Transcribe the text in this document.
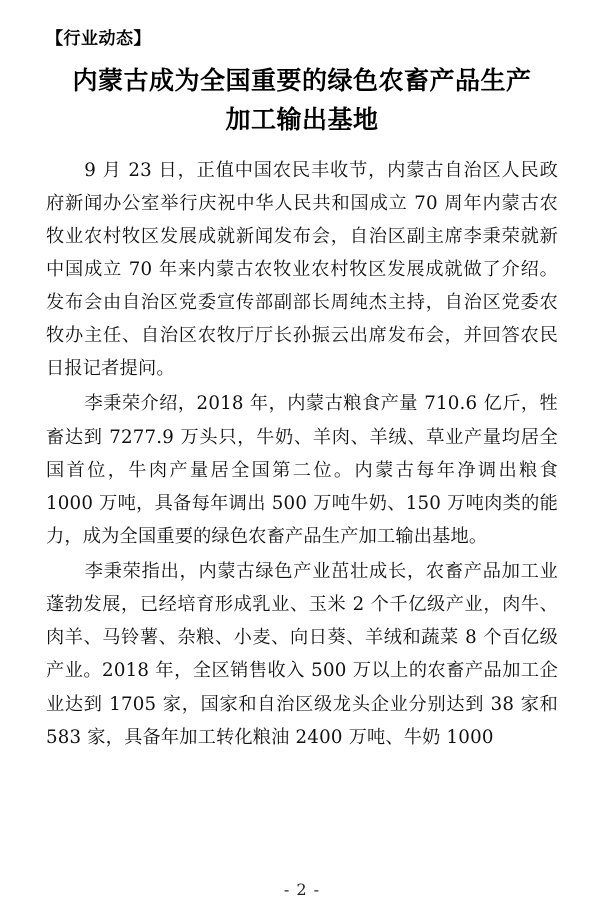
【行业动态】
内蒙古成为全国重要的绿色农畜产品生产
加工输出基地

9 月 23 日，正值中国农民丰收节，内蒙古自治区人民政府新闻办公室举行庆祝中华人民共和国成立 70 周年内蒙古农牧业农村牧区发展成就新闻发布会，自治区副主席李秉荣就新中国成立 70 年来内蒙古农牧业农村牧区发展成就做了介绍。发布会由自治区党委宣传部副部长周纯杰主持，自治区党委农牧办主任、自治区农牧厅厅长孙振云出席发布会，并回答农民日报记者提问。

李秉荣介绍，2018 年，内蒙古粮食产量 710.6 亿斤，牲畜达到 7277.9 万头只，牛奶、羊肉、羊绒、草业产量均居全国首位，牛肉产量居全国第二位。内蒙古每年净调出粮食 1000 万吨，具备每年调出 500 万吨牛奶、150 万吨肉类的能力，成为全国重要的绿色农畜产品生产加工输出基地。

李秉荣指出，内蒙古绿色产业茁壮成长，农畜产品加工业蓬勃发展，已经培育形成乳业、玉米 2 个千亿级产业，肉牛、肉羊、马铃薯、杂粮、小麦、向日葵、羊绒和蔬菜 8 个百亿级产业。2018 年，全区销售收入 500 万以上的农畜产品加工企业达到 1705 家，国家和自治区级龙头企业分别达到 38 家和 583 家，具备年加工转化粮油 2400 万吨、牛奶 1000

- 2 -
